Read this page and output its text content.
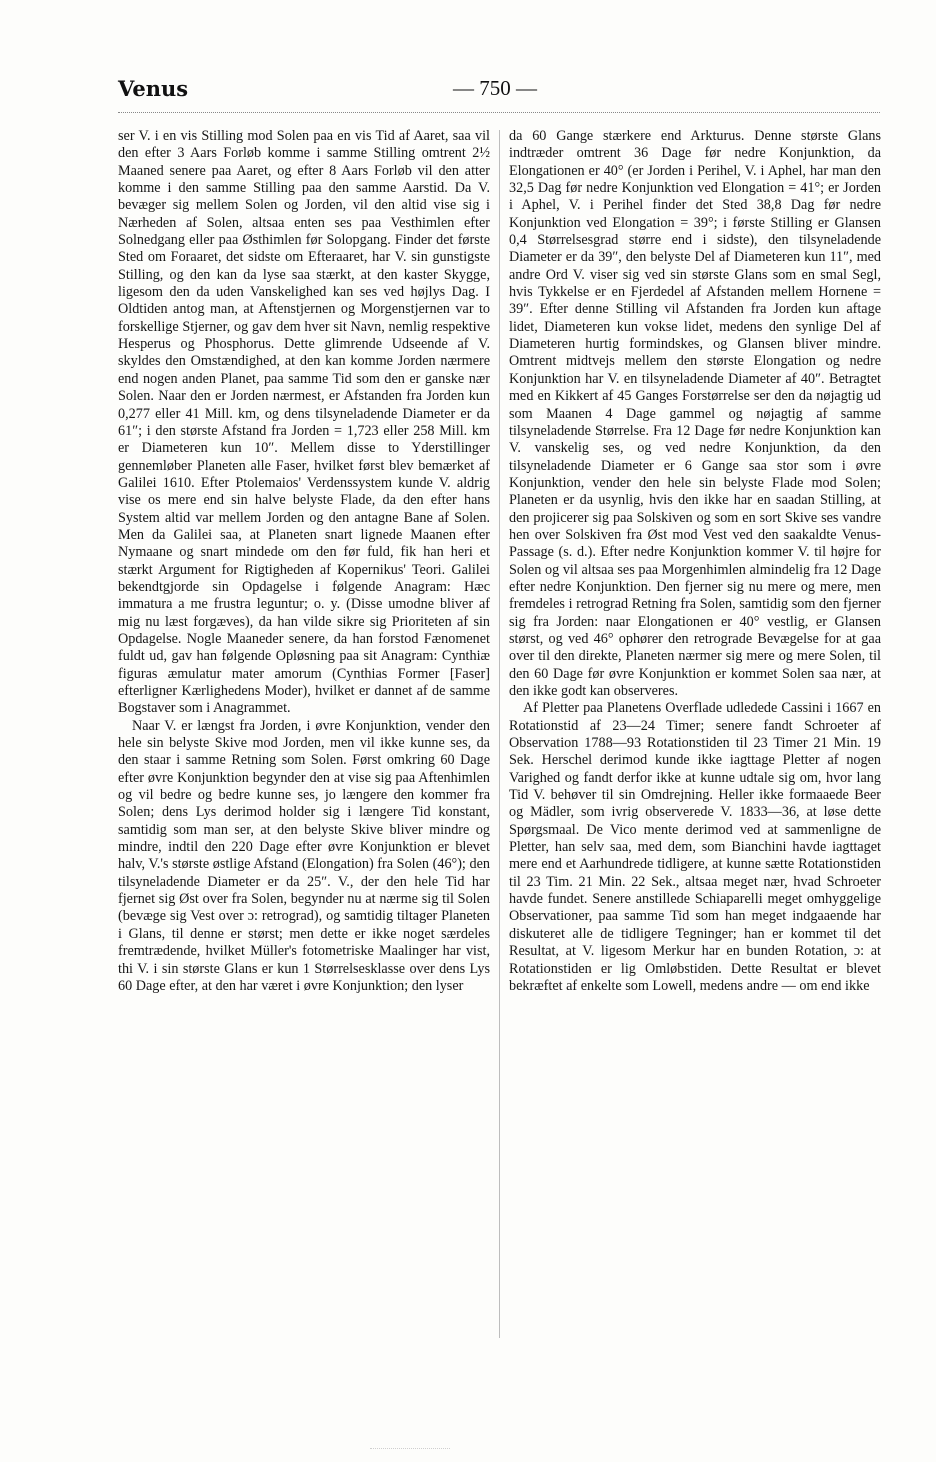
Venus	— 750 —

ser V. i en vis Stilling mod Solen paa en vis Tid af Aaret, saa vil den efter 3 Aars Forløb komme i samme Stilling omtrent 2½ Maaned senere paa Aaret, og efter 8 Aars Forløb vil den atter komme i den samme Stilling paa den samme Aarstid. Da V. bevæger sig mellem Solen og Jorden, vil den altid vise sig i Nærheden af Solen, altsaa enten ses paa Vesthimlen efter Solnedgang eller paa Østhimlen før Solopgang. Finder det første Sted om Foraaret, det sidste om Efteraaret, har V. sin gunstigste Stilling, og den kan da lyse saa stærkt, at den kaster Skygge, ligesom den da uden Vanskelighed kan ses ved højlys Dag. I Oldtiden antog man, at Aftenstjernen og Morgenstjernen var to forskellige Stjerner, og gav dem hver sit Navn, nemlig respektive Hesperus og Phosphorus. Dette glimrende Udseende af V. skyldes den Omstændighed, at den kan komme Jorden nærmere end nogen anden Planet, paa samme Tid som den er ganske nær Solen. Naar den er Jorden nærmest, er Afstanden fra Jorden kun 0,277 eller 41 Mill. km, og dens tilsyneladende Diameter er da 61″; i den største Afstand fra Jorden = 1,723 eller 258 Mill. km er Diameteren kun 10″. Mellem disse to Yderstillinger gennemløber Planeten alle Faser, hvilket først blev bemærket af Galilei 1610. Efter Ptolemaios' Verdenssystem kunde V. aldrig vise os mere end sin halve belyste Flade, da den efter hans System altid var mellem Jorden og den antagne Bane af Solen. Men da Galilei saa, at Planeten snart lignede Maanen efter Nymaane og snart mindede om den før fuld, fik han heri et stærkt Argument for Rigtigheden af Kopernikus' Teori. Galilei bekendtgjorde sin Opdagelse i følgende Anagram: Hæc immatura a me frustra leguntur; o. y. (Disse umodne bliver af mig nu læst forgæves), da han vilde sikre sig Prioriteten af sin Opdagelse. Nogle Maaneder senere, da han forstod Fænomenet fuldt ud, gav han følgende Opløsning paa sit Anagram: Cynthiæ figuras æmulatur mater amorum (Cynthias Former [Faser] efterligner Kærlighedens Moder), hvilket er dannet af de samme Bogstaver som i Anagrammet.

Naar V. er længst fra Jorden, i øvre Konjunktion, vender den hele sin belyste Skive mod Jorden, men vil ikke kunne ses, da den staar i samme Retning som Solen. Først omkring 60 Dage efter øvre Konjunktion begynder den at vise sig paa Aftenhimlen og vil bedre og bedre kunne ses, jo længere den kommer fra Solen; dens Lys derimod holder sig i længere Tid konstant, samtidig som man ser, at den belyste Skive bliver mindre og mindre, indtil den 220 Dage efter øvre Konjunktion er blevet halv, V.'s største østlige Afstand (Elongation) fra Solen (46°); den tilsyneladende Diameter er da 25″. V., der den hele Tid har fjernet sig Øst over fra Solen, begynder nu at nærme sig til Solen (bevæge sig Vest over ɔ: retrograd), og samtidig tiltager Planeten i Glans, til denne er størst; men dette er ikke noget særdeles fremtrædende, hvilket Müller's fotometriske Maalinger har vist, thi V. i sin største Glans er kun 1 Størrelsesklasse over dens Lys 60 Dage efter, at den har været i øvre Konjunktion; den lyser

da 60 Gange stærkere end Arkturus. Denne største Glans indtræder omtrent 36 Dage før nedre Konjunktion, da Elongationen er 40° (er Jorden i Perihel, V. i Aphel, har man den 32,5 Dag før nedre Konjunktion ved Elongation = 41°; er Jorden i Aphel, V. i Perihel finder det Sted 38,8 Dag før nedre Konjunktion ved Elongation = 39°; i første Stilling er Glansen 0,4 Størrelsesgrad større end i sidste), den tilsyneladende Diameter er da 39″, den belyste Del af Diameteren kun 11″, med andre Ord V. viser sig ved sin største Glans som en smal Segl, hvis Tykkelse er en Fjerdedel af Afstanden mellem Hornene = 39″. Efter denne Stilling vil Afstanden fra Jorden kun aftage lidet, Diameteren kun vokse lidet, medens den synlige Del af Diameteren hurtig formindskes, og Glansen bliver mindre. Omtrent midtvejs mellem den største Elongation og nedre Konjunktion har V. en tilsyneladende Diameter af 40″. Betragtet med en Kikkert af 45 Ganges Forstørrelse ser den da nøjagtig ud som Maanen 4 Dage gammel og nøjagtig af samme tilsyneladende Størrelse. Fra 12 Dage før nedre Konjunktion kan V. vanskelig ses, og ved nedre Konjunktion, da den tilsyneladende Diameter er 6 Gange saa stor som i øvre Konjunktion, vender den hele sin belyste Flade mod Solen; Planeten er da usynlig, hvis den ikke har en saadan Stilling, at den projicerer sig paa Solskiven og som en sort Skive ses vandre hen over Solskiven fra Øst mod Vest ved den saakaldte Venus-Passage (s. d.). Efter nedre Konjunktion kommer V. til højre for Solen og vil altsaa ses paa Morgenhimlen almindelig fra 12 Dage efter nedre Konjunktion. Den fjerner sig nu mere og mere, men fremdeles i retrograd Retning fra Solen, samtidig som den fjerner sig fra Jorden: naar Elongationen er 40° vestlig, er Glansen størst, og ved 46° ophører den retrograde Bevægelse for at gaa over til den direkte, Planeten nærmer sig mere og mere Solen, til den 60 Dage før øvre Konjunktion er kommet Solen saa nær, at den ikke godt kan observeres.

Af Pletter paa Planetens Overflade udledede Cassini i 1667 en Rotationstid af 23—24 Timer; senere fandt Schroeter af Observation 1788—93 Rotationstiden til 23 Timer 21 Min. 19 Sek. Herschel derimod kunde ikke iagttage Pletter af nogen Varighed og fandt derfor ikke at kunne udtale sig om, hvor lang Tid V. behøver til sin Omdrejning. Heller ikke formaaede Beer og Mädler, som ivrig observerede V. 1833—36, at løse dette Spørgsmaal. De Vico mente derimod ved at sammenligne de Pletter, han selv saa, med dem, som Bianchini havde iagttaget mere end et Aarhundrede tidligere, at kunne sætte Rotationstiden til 23 Tim. 21 Min. 22 Sek., altsaa meget nær, hvad Schroeter havde fundet. Senere anstillede Schiaparelli meget omhyggelige Observationer, paa samme Tid som han meget indgaaende har diskuteret alle de tidligere Tegninger; han er kommet til det Resultat, at V. ligesom Merkur har en bunden Rotation, ɔ: at Rotationstiden er lig Omløbstiden. Dette Resultat er blevet bekræftet af enkelte som Lowell, medens andre — om end ikke
